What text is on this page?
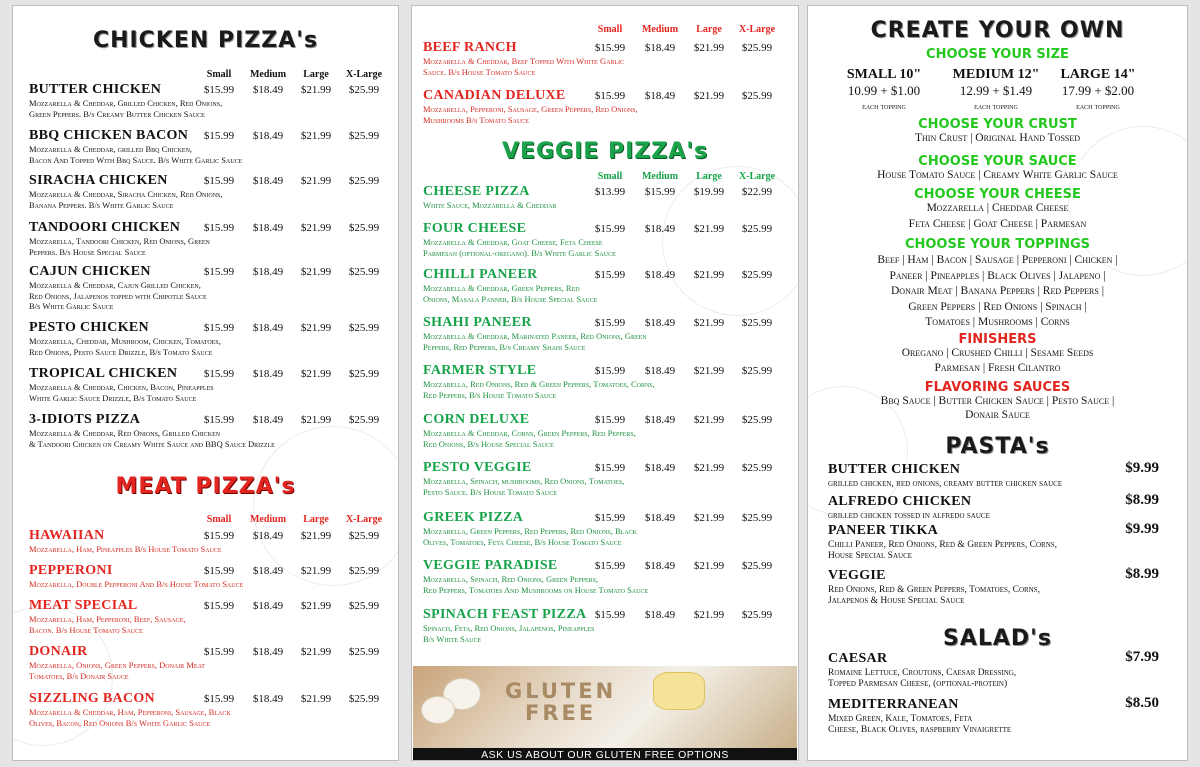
CHICKEN PIZZA's
Small Medium Large X-Large
BUTTER CHICKEN	$15.99 $18.49 $21.99 $25.99
Mozzarella & Cheddar, Grilled Chicken, Red Onions,
Green Peppers. B/s Creamy Butter Chicken Sauce
BBQ CHICKEN BACON $15.99 $18.49 $21.99 $25.99
Mozzarella & Cheddar, grilled Bbq Chicken,
Bacon And Topped With Bbq Sauce. B/s White Garlic Sauce
SIRACHA CHICKEN	$15.99 $18.49 $21.99 $25.99
Mozzarella & Cheddar, Siracha Chicken, Red Onions,
Banana Peppers. B/s White Garlic Sauce
TANDOORI CHICKEN $15.99 $18.49 $21.99 $25.99
Mozzarella, Tandoori Chicken, Red Onions, Green
Peppers. B/s House Special Sauce
CAJUN CHICKEN	$15.99 $18.49 $21.99 $25.99
Mozzarella & Cheddar, Cajun Grilled Chicken,
Red Onions, Jalapenos topped with Chipotle Sauce
B/s White Garlic Sauce
PESTO CHICKEN	$15.99 $18.49 $21.99 $25.99
Mozzarella, Cheddar, Mushroom, Chicken, Tomatoes,
Red Onions, Pesto Sauce Drizzle, B/s Tomato Sauce
TROPICAL CHICKEN $15.99 $18.49 $21.99 $25.99
Mozzarella & Cheddar, Chicken, Bacon, Pineapples
White Garlic Sauce Drizzle, B/s Tomato Sauce
3-IDIOTS PIZZA	$15.99 $18.49 $21.99 $25.99
Mozzarella & Cheddar, Red Onions, Grilled Chicken
& Tandoori Chicken on Creamy White Sauce and BBQ Sauce Drizzle
MEAT PIZZA's
Small Medium Large X-Large
HAWAIIAN	$15.99 $18.49 $21.99 $25.99
Mozzarella, Ham, Pineapples B/s House Tomato Sauce
PEPPERONI	$15.99 $18.49 $21.99 $25.99
Mozzarella, Double Pepperoni And B/s House Tomato Sauce
MEAT SPECIAL	$15.99 $18.49 $21.99 $25.99
Mozzarella, Ham, Pepperoni, Beef, Sausage,
Bacon. B/s House Tomato Sauce
DONAIR	$15.99 $18.49 $21.99 $25.99
Mozzarella, Onions, Green Peppers, Donair Meat
Tomatoes, B/s Donair Sauce
SIZZLING BACON	$15.99 $18.49 $21.99 $25.99
Mozzarella & Cheddar, Ham, Pepperoni, Sausage, Black
Olives, Bacon, Red Onions B/s White Garlic Sauce
Small Medium Large X-Large
BEEF RANCH	$15.99 $18.49 $21.99 $25.99
Mozzarella & Cheddar, Beef Topped With White Garlic
Sauce. B/s House Tomato Sauce
CANADIAN DELUXE	$15.99 $18.49 $21.99 $25.99
Mozzarella, Pepperoni, Sausage, Green Peppers, Red Onions,
Mushrooms B/s Tomato Sauce
VEGGIE PIZZA's
Small Medium Large X-Large
CHEESE PIZZA	$13.99 $15.99 $19.99 $22.99
White Sauce, Mozzarella & Cheddar
FOUR CHEESE	$15.99 $18.49 $21.99 $25.99
Mozzarella & Cheddar, Goat Cheese, Feta Cheese
Parmesan (optional-oregano). B/s White Garlic Sauce
CHILLI PANEER	$15.99 $18.49 $21.99 $25.99
Mozzarella & Cheddar, Green Peppers, Red
Onions, Masala Panner, B/s House Special Sauce
SHAHI PANEER	$15.99 $18.49 $21.99 $25.99
Mozzarella & Cheddar, Marinated Paneer, Red Onions, Green
Peppers, Red Peppers, B/s Creamy Shahi Sauce
FARMER STYLE	$15.99 $18.49 $21.99 $25.99
Mozzarella, Red Onions, Red & Green Peppers, Tomatoes, Corns,
Red Peppers, B/s House Tomato Sauce
CORN DELUXE	$15.99 $18.49 $21.99 $25.99
Mozzarella & Cheddar, Corns, Green Peppers, Red Peppers,
Red Onions, B/s House Special Sauce
PESTO VEGGIE	$15.99 $18.49 $21.99 $25.99
Mozzarella, Spinach, mushrooms, Red Onions, Tomatoes,
Pesto Sauce. B/s House Tomato Sauce
GREEK PIZZA	$15.99 $18.49 $21.99 $25.99
Mozzarella, Green Peppers, Red Peppers, Red Onions, Black
Olives, Tomatoes, Feta Cheese, B/s House Tomato Sauce
VEGGIE PARADISE	$15.99 $18.49 $21.99 $25.99
Mozzarella, Spinach, Red Onions, Green Peppers,
Red Peppers, Tomatoes And Mushrooms on House Tomato Sauce
SPINACH FEAST PIZZA $15.99 $18.49 $21.99 $25.99
Spinach, Feta, Red Onions, Jalapenos, Pineapples
B/s White Sauce
GLUTEN
FREE
ASK US ABOUT OUR GLUTEN FREE OPTIONS
CREATE YOUR OWN
CHOOSE YOUR SIZE
SMALL 10"
10.99 + $1.00
each topping
MEDIUM 12"
12.99 + $1.49
each topping
LARGE 14"
17.99 + $2.00
each topping
CHOOSE YOUR CRUST
Thin Crust | Original Hand Tossed
CHOOSE YOUR SAUCE
House Tomato Sauce | Creamy White Garlic Sauce
CHOOSE YOUR CHEESE
Mozzarella | Cheddar Cheese
Feta Cheese | Goat Cheese | Parmesan
CHOOSE YOUR TOPPINGS
Beef | Ham | Bacon | Sausage | Pepperoni | Chicken |
Paneer | Pineapples | Black Olives | Jalapeno |
Donair Meat | Banana Peppers | Red Peppers |
Green Peppers | Red Onions | Spinach |
Tomatoes | Mushrooms | Corns
FINISHERS
Oregano | Crushed Chilli | Sesame Seeds
Parmesan | Fresh Cilantro
FLAVORING SAUCES
Bbq Sauce | Butter Chicken Sauce | Pesto Sauce |
Donair Sauce
PASTA's
BUTTER CHICKEN	$9.99
grilled chicken, red onions, creamy butter chicken sauce
ALFREDO CHICKEN	$8.99
grilled chicken tossed in alfredo sauce
PANEER TIKKA	$9.99
Chilli Paneer, Red Onions, Red & Green Peppers, Corns,
House Special Sauce
VEGGIE	$8.99
Red Onions, Red & Green Peppers, Tomatoes, Corns,
Jalapenos & House Special Sauce
SALAD's
CAESAR	$7.99
Romaine Lettuce, Croutons, Caesar Dressing,
Topped Parmesan Cheese, (optional-protein)
MEDITERRANEAN	$8.50
Mixed Green, Kale, Tomatoes, Feta
Cheese, Black Olives, raspberry Vinaigrette
